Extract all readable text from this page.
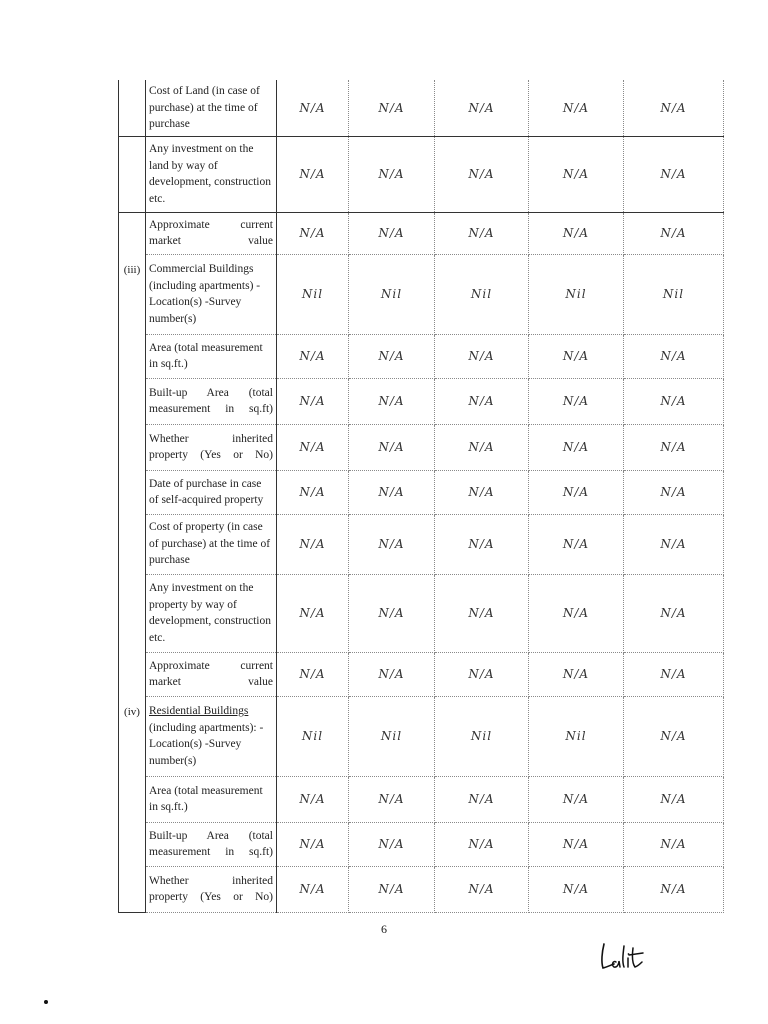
	Cost of Land (in case of purchase) at the time of purchase	N/A	N/A	N/A	N/A	N/A
	Any investment on the land by way of development, construction etc.	N/A	N/A	N/A	N/A	N/A
	Approximate current market value	N/A	N/A	N/A	N/A	N/A
(iii)	Commercial Buildings (including apartments) -Location(s) -Survey number(s)	Nil	Nil	Nil	Nil	Nil
	Area (total measurement in sq.ft.)	N/A	N/A	N/A	N/A	N/A
	Built-up Area (total measurement in sq.ft)	N/A	N/A	N/A	N/A	N/A
	Whether inherited property (Yes or No)	N/A	N/A	N/A	N/A	N/A
	Date of purchase in case of self-acquired property	N/A	N/A	N/A	N/A	N/A
	Cost of property (in case of purchase) at the time of purchase	N/A	N/A	N/A	N/A	N/A
	Any investment on the property by way of development, construction etc.	N/A	N/A	N/A	N/A	N/A
	Approximate current market value	N/A	N/A	N/A	N/A	N/A
(iv)	Residential Buildings (including apartments): -Location(s) -Survey number(s)	Nil	Nil	Nil	Nil	N/A
	Area (total measurement in sq.ft.)	N/A	N/A	N/A	N/A	N/A
	Built-up Area (total measurement in sq.ft)	N/A	N/A	N/A	N/A	N/A
	Whether inherited property (Yes or No)	N/A	N/A	N/A	N/A	N/A
6
